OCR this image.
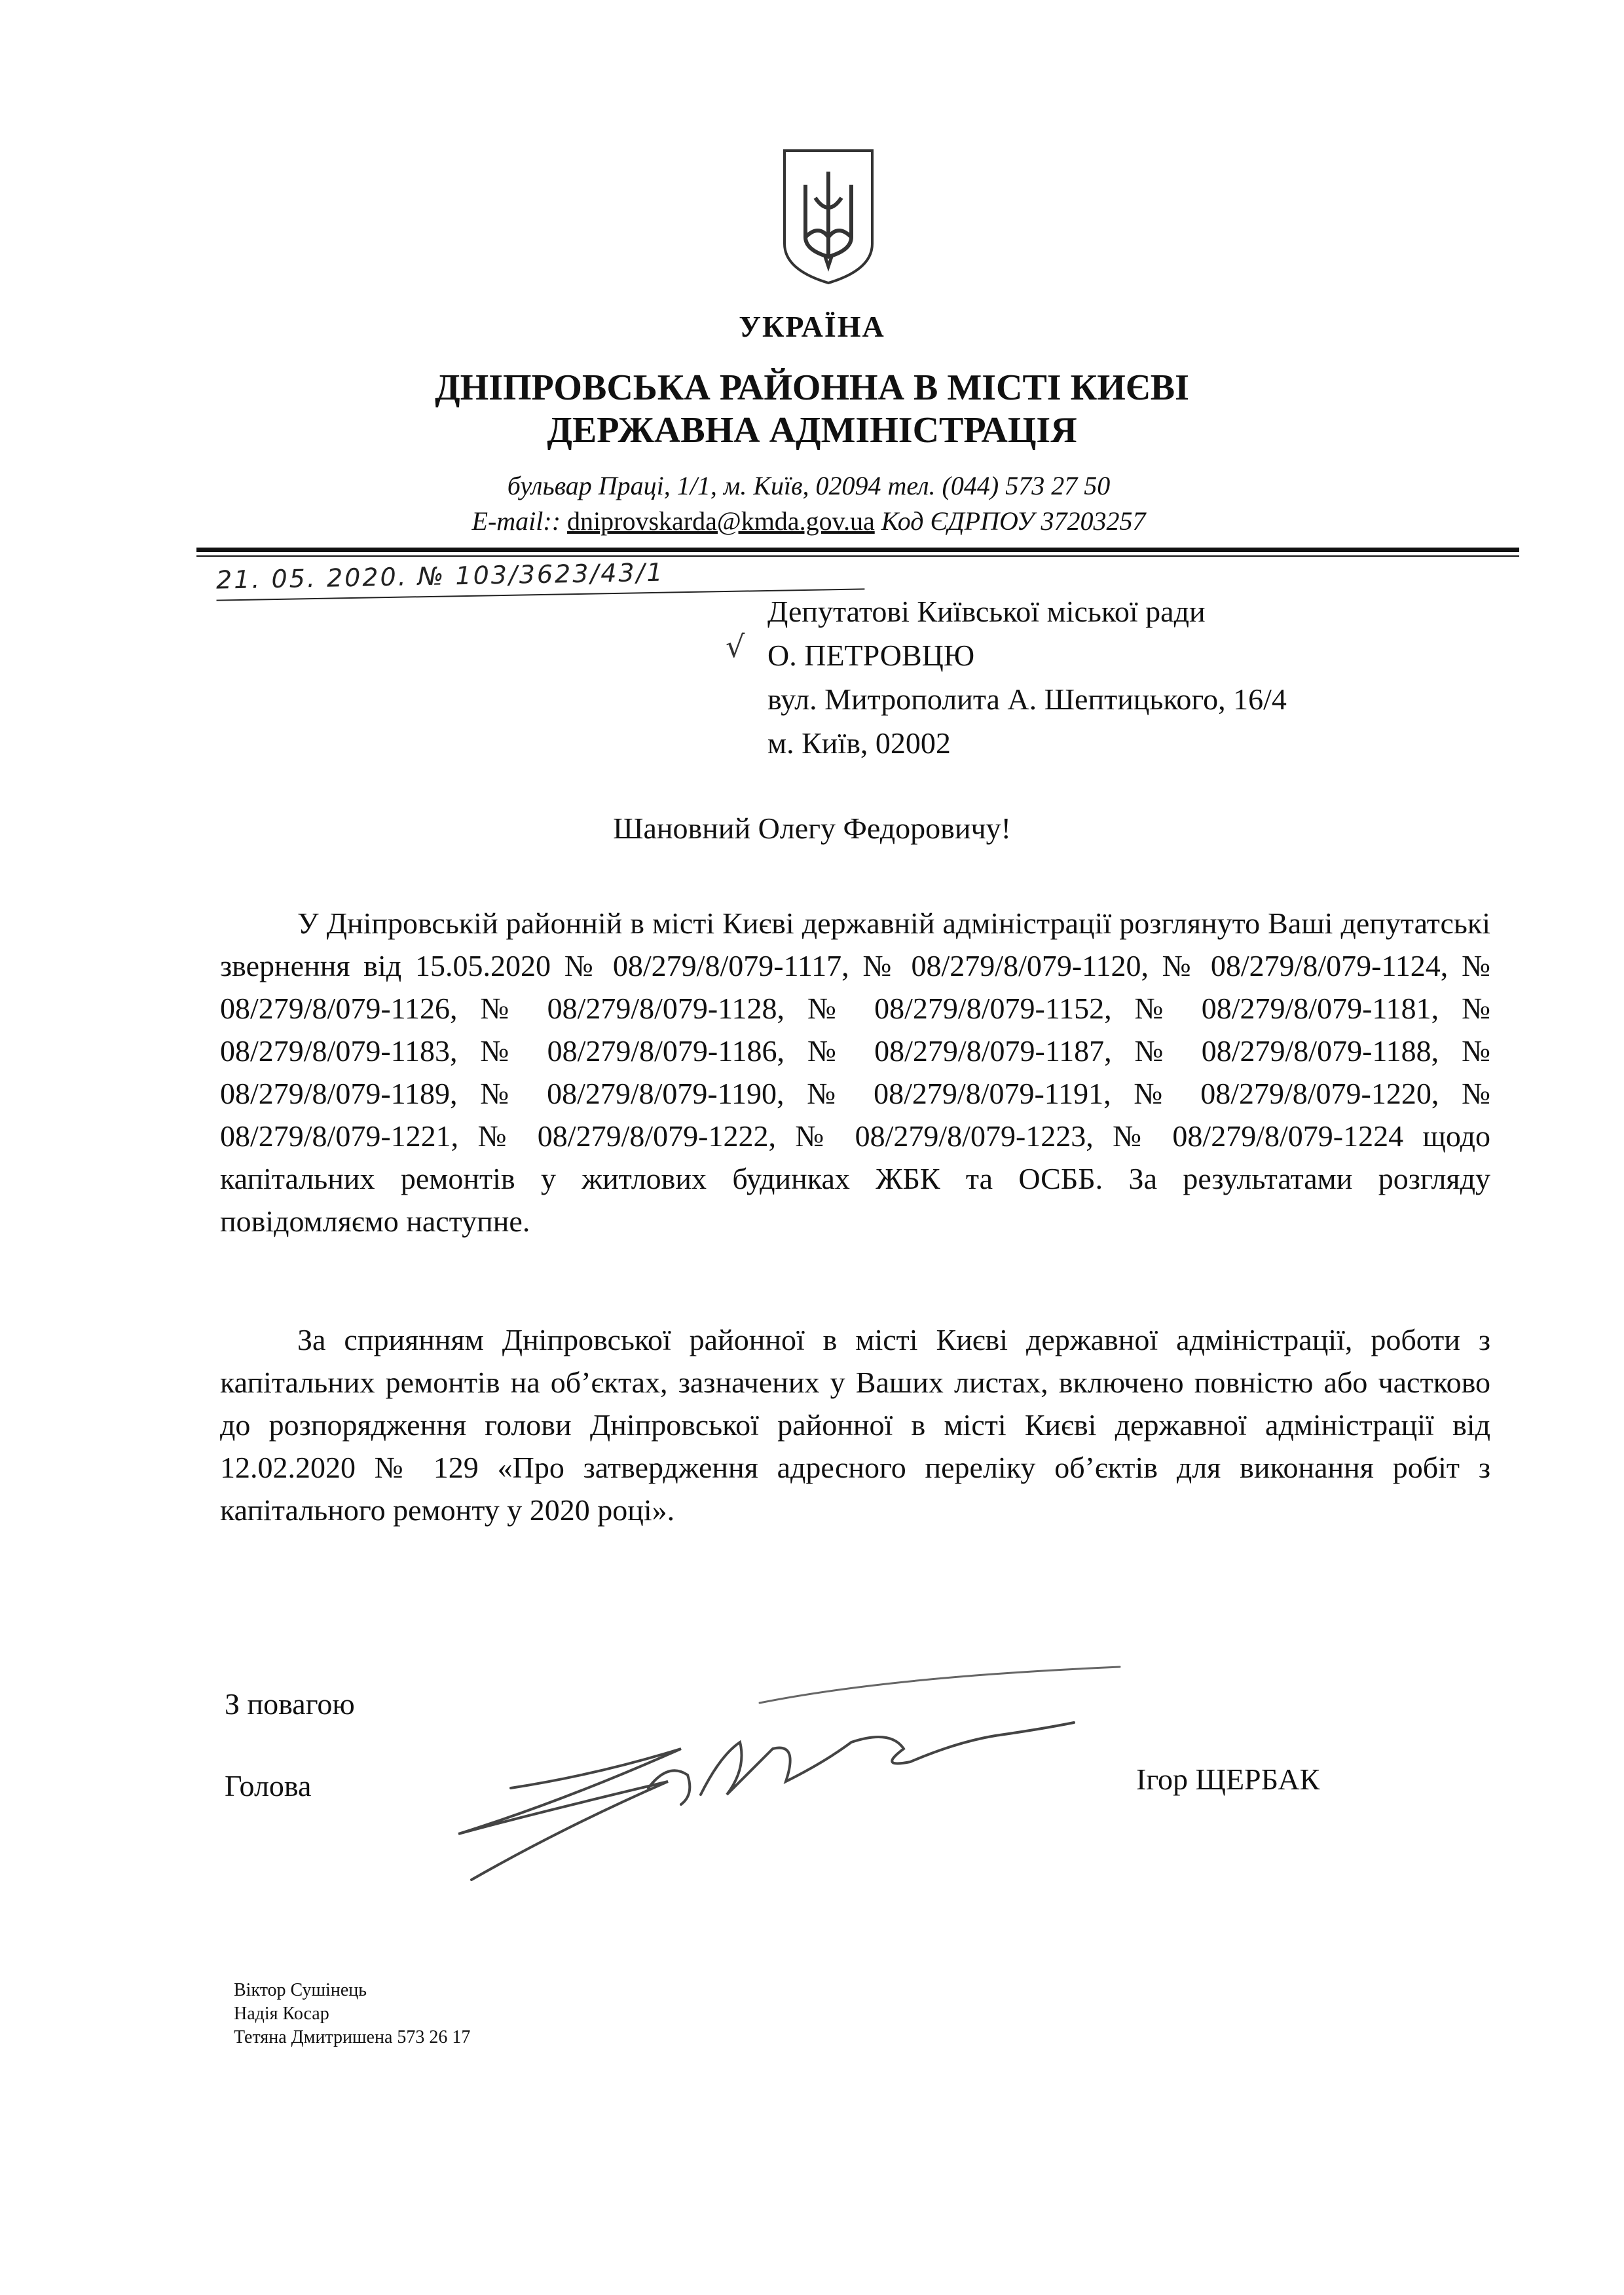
УКРАЇНА
ДНІПРОВСЬКА РАЙОННА В МІСТІ КИЄВІ
ДЕРЖАВНА АДМІНІСТРАЦІЯ
бульвар Праці, 1/1, м. Київ, 02094 тел. (044) 573 27 50
E-mail:: dniprovskarda@kmda.gov.ua Код ЄДРПОУ 37203257
21. 05. 2020. № 103/3623/43/1
√
Депутатові Київської міської ради
О. ПЕТРОВЦЮ
вул. Митрополита А. Шептицького, 16/4
м. Київ, 02002
Шановний Олегу Федоровичу!
У Дніпровській районній в місті Києві державній адміністрації розглянуто Ваші депутатські звернення від 15.05.2020 № 08/279/8/079-1117, № 08/279/8/079-1120, № 08/279/8/079-1124, № 08/279/8/079-1126, № 08/279/8/079-1128, № 08/279/8/079-1152, № 08/279/8/079-1181, № 08/279/8/079-1183, № 08/279/8/079-1186, № 08/279/8/079-1187, № 08/279/8/079-1188, № 08/279/8/079-1189, № 08/279/8/079-1190, № 08/279/8/079-1191, № 08/279/8/079-1220, № 08/279/8/079-1221, № 08/279/8/079-1222, № 08/279/8/079-1223, № 08/279/8/079-1224 щодо капітальних ремонтів у житлових будинках ЖБК та ОСББ. За результатами розгляду повідомляємо наступне.
За сприянням Дніпровської районної в місті Києві державної адміністрації, роботи з капітальних ремонтів на об’єктах, зазначених у Ваших листах, включено повністю або частково до розпорядження голови Дніпровської районної в місті Києві державної адміністрації від 12.02.2020 № 129 «Про затвердження адресного переліку об’єктів для виконання робіт з капітального ремонту у 2020 році».
З повагою
Голова	Ігор ЩЕРБАК
Віктор Сушінець
Надія Косар
Тетяна Дмитришена 573 26 17
